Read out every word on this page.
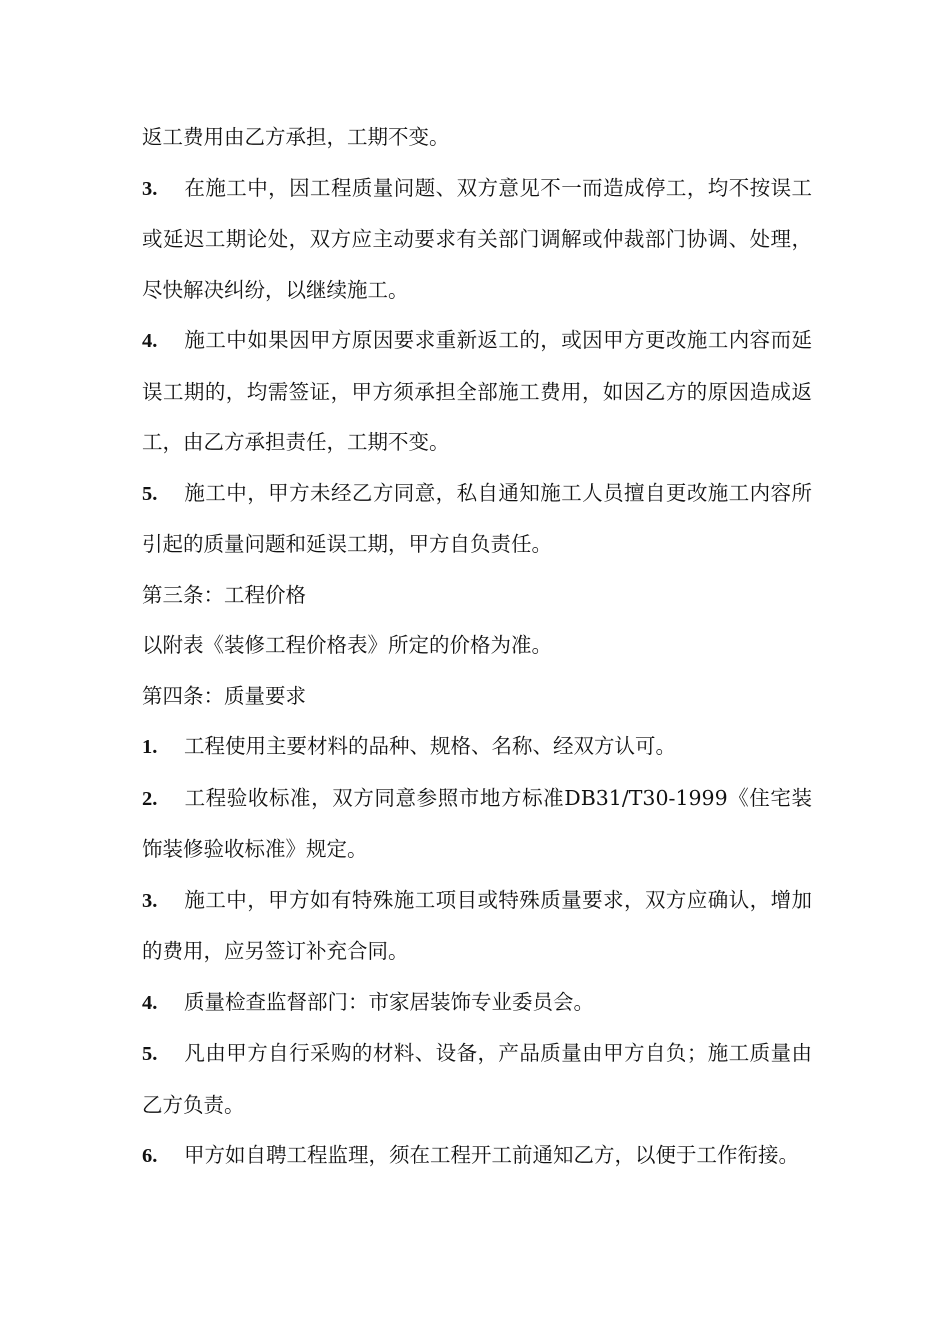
返工费用由乙方承担，工期不变。

3. 在施工中，因工程质量问题、双方意见不一而造成停工，均不按误工或延迟工期论处，双方应主动要求有关部门调解或仲裁部门协调、处理，尽快解决纠纷，以继续施工。

4. 施工中如果因甲方原因要求重新返工的，或因甲方更改施工内容而延误工期的，均需签证，甲方须承担全部施工费用，如因乙方的原因造成返工，由乙方承担责任，工期不变。

5. 施工中，甲方未经乙方同意，私自通知施工人员擅自更改施工内容所引起的质量问题和延误工期，甲方自负责任。

第三条：工程价格

以附表《装修工程价格表》所定的价格为准。

第四条：质量要求

1. 工程使用主要材料的品种、规格、名称、经双方认可。

2. 工程验收标准，双方同意参照市地方标准DB31/T30-1999《住宅装饰装修验收标准》规定。

3. 施工中，甲方如有特殊施工项目或特殊质量要求，双方应确认，增加的费用，应另签订补充合同。

4. 质量检查监督部门：市家居装饰专业委员会。

5. 凡由甲方自行采购的材料、设备，产品质量由甲方自负；施工质量由乙方负责。

6. 甲方如自聘工程监理，须在工程开工前通知乙方，以便于工作衔接。
